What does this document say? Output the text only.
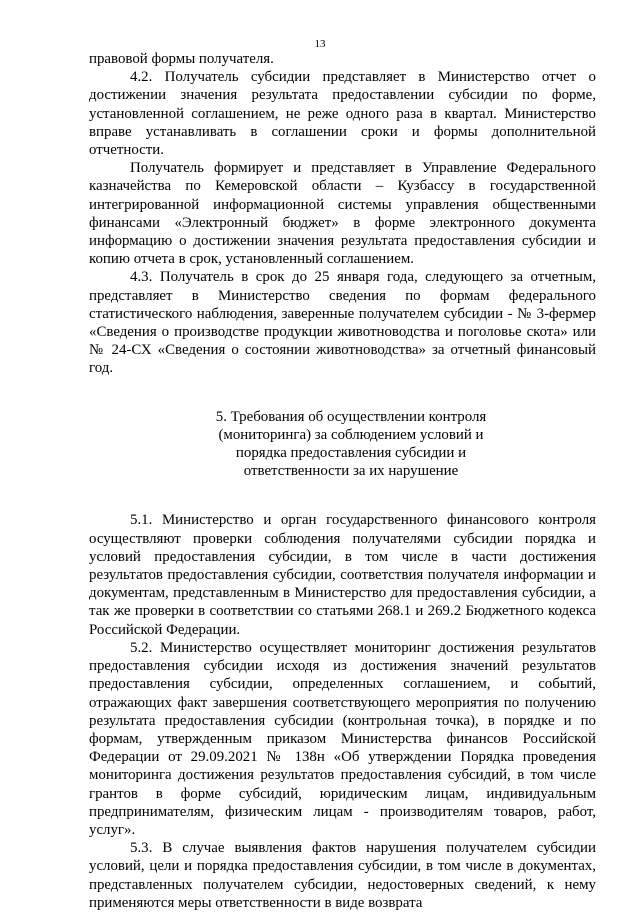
13

правовой формы получателя.

4.2. Получатель субсидии представляет в Министерство отчет о достижении значения результата предоставлении субсидии по форме, установленной соглашением, не реже одного раза в квартал. Министерство вправе устанавливать в соглашении сроки и формы дополнительной отчетности.

Получатель формирует и представляет в Управление Федерального казначейства по Кемеровской области – Кузбассу в государственной интегрированной информационной системы управления общественными финансами «Электронный бюджет» в форме электронного документа информацию о достижении значения результата предоставления субсидии и копию отчета в срок, установленный соглашением.

4.3. Получатель в срок до 25 января года, следующего за отчетным, представляет в Министерство сведения по формам федерального статистического наблюдения, заверенные получателем субсидии - № 3-фермер «Сведения о производстве продукции животноводства и поголовье скота» или № 24-СХ «Сведения о состоянии животноводства» за отчетный финансовый год.

5. Требования об осуществлении контроля
(мониторинга) за соблюдением условий и
порядка предоставления субсидии и
ответственности за их нарушение

5.1. Министерство и орган государственного финансового контроля осуществляют проверки соблюдения получателями субсидии порядка и условий предоставления субсидии, в том числе в части достижения результатов предоставления субсидии, соответствия получателя информации и документам, представленным в Министерство для предоставления субсидии, а так же проверки в соответствии со статьями 268.1 и 269.2 Бюджетного кодекса Российской Федерации.

5.2. Министерство осуществляет мониторинг достижения результатов предоставления субсидии исходя из достижения значений результатов предоставления субсидии, определенных соглашением, и событий, отражающих факт завершения соответствующего мероприятия по получению результата предоставления субсидии (контрольная точка), в порядке и по формам, утвержденным приказом Министерства финансов Российской Федерации от 29.09.2021 № 138н «Об утверждении Порядка проведения мониторинга достижения результатов предоставления субсидий, в том числе грантов в форме субсидий, юридическим лицам, индивидуальным предпринимателям, физическим лицам - производителям товаров, работ, услуг».

5.3. В случае выявления фактов нарушения получателем субсидии условий, цели и порядка предоставления субсидии, в том числе в документах, представленных получателем субсидии, недостоверных сведений, к нему применяются меры ответственности в виде возврата
